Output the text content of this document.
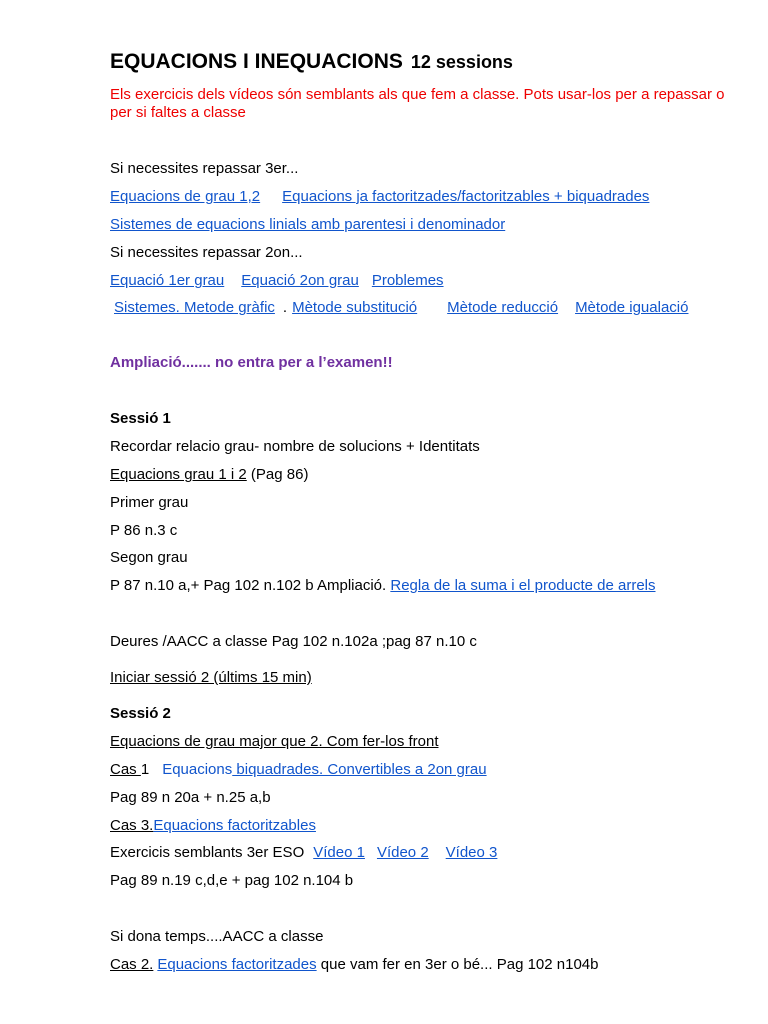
EQUACIONS I INEQUACIONS 12 sessions
Els exercicis dels vídeos són semblants als que fem a classe. Pots usar-los per a repassar o per si faltes a classe
Si necessites repassar 3er...
Equacions de grau 1,2 Equacions ja factoritzades/factoritzables + biquadrades
Sistemes de equacions linials amb parentesi i denominador
Si necessites repassar 2on...
Equació 1er grau Equació 2on grau Problemes
Sistemes. Metode gràfic . Mètode substitució Mètode reducció Mètode igualació
Ampliació....... no entra per a l’examen!!
Sessió 1
Recordar relacio grau- nombre de solucions + Identitats
Equacions grau 1 i 2 (Pag 86)
Primer grau
P 86 n.3 c
Segon grau
P 87 n.10 a,+ Pag 102 n.102 b Ampliació. Regla de la suma i el producte de arrels
Deures /AACC a classe Pag 102 n.102a ;pag 87 n.10 c
Iniciar sessió 2 (últims 15 min)
Sessió 2
Equacions de grau major que 2. Com fer-los front
Cas 1 Equacions biquadrades. Convertibles a 2on grau
Pag 89 n 20a + n.25 a,b
Cas 3.Equacions factoritzables
Exercicis semblants 3er ESO Vídeo 1 Vídeo 2 Vídeo 3
Pag 89 n.19 c,d,e + pag 102 n.104 b
Si dona temps....AACC a classe
Cas 2. Equacions factoritzades que vam fer en 3er o bé... Pag 102 n104b
